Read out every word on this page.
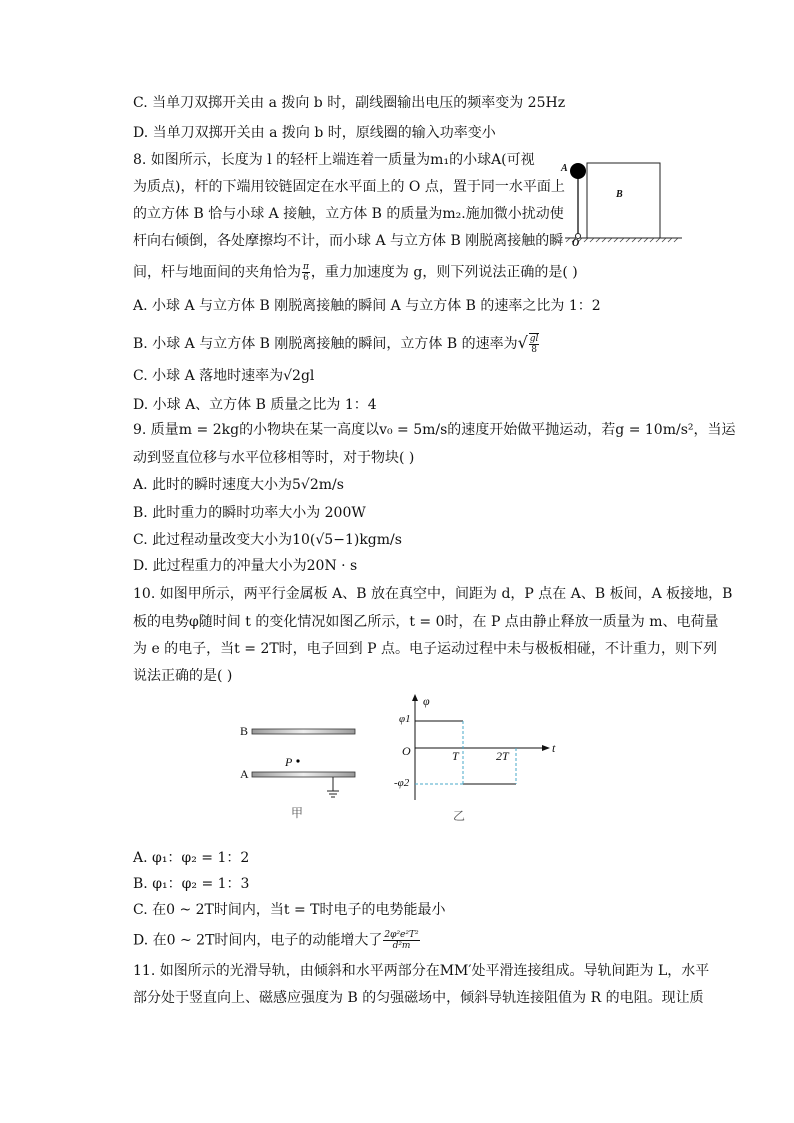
C. 当单刀双掷开关由 a 拨向 b 时，副线圈输出电压的频率变为 25Hz
D. 当单刀双掷开关由 a 拨向 b 时，原线圈的输入功率变小
8. 如图所示，长度为 l 的轻杆上端连着一质量为m₁的小球A(可视
为质点)，杆的下端用铰链固定在水平面上的 O 点，置于同一水平面上
的立方体 B 恰与小球 A 接触，立方体 B 的质量为m₂.施加微小扰动使
杆向右倾倒，各处摩擦均不计，而小球 A 与立方体 B 刚脱离接触的瞬
间，杆与地面间的夹角恰为 $\frac{\pi}{6}$ ，重力加速度为 g，则下列说法正确的是( )
A. 小球 A 与立方体 B 刚脱离接触的瞬间 A 与立方体 B 的速率之比为 1：2
B. 小球 A 与立方体 B 刚脱离接触的瞬间，立方体 B 的速率为√ $\frac{gl}{8}$
C. 小球 A 落地时速率为√2gl
D. 小球 A、立方体 B 质量之比为 1：4
A
B
O
9. 质量m = 2kg的小物块在某一高度以v₀ = 5m/s的速度开始做平抛运动，若g = 10m/s²，当运
动到竖直位移与水平位移相等时，对于物块( )
A. 此时的瞬时速度大小为5√2m/s
B. 此时重力的瞬时功率大小为 200W
C. 此过程动量改变大小为10(√5−1)kgm/s
D. 此过程重力的冲量大小为20N · s
10. 如图甲所示，两平行金属板 A、B 放在真空中，间距为 d，P 点在 A、B 板间，A 板接地，B
板的电势φ随时间 t 的变化情况如图乙所示，t = 0时，在 P 点由静止释放一质量为 m、电荷量
为 e 的电子，当t = 2T时，电子回到 P 点。电子运动过程中未与极板相碰，不计重力，则下列
说法正确的是( )
B
A
P
甲
φ
t
φ1
-φ2
O	T	2T
乙
A. φ₁：φ₂ = 1：2
B. φ₁：φ₂ = 1：3
C. 在0 ~ 2T时间内，当t = T时电子的电势能最小
D. 在0 ~ 2T时间内，电子的动能增大了 $\frac{\text{2φ²e²T²}}{\text{d²m}}$
11. 如图所示的光滑导轨，由倾斜和水平两部分在MM′处平滑连接组成。导轨间距为 L，水平
部分处于竖直向上、磁感应强度为 B 的匀强磁场中，倾斜导轨连接阻值为 R 的电阻。现让质
